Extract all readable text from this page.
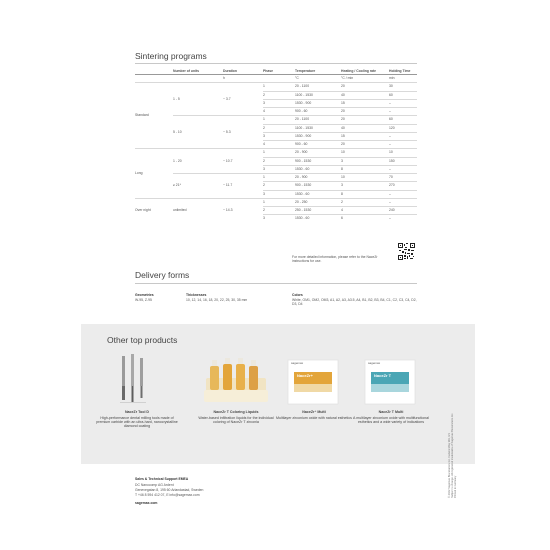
Sintering programs
	Number of units	Duration	Phase	Temperature	Heating / Cooling rate	Holding Time
		h		°C	°C / min	min
Standard	1 - 5	~ 3.7	1	20 - 1100	20	30
			2	1100 - 1530	40	60
			3	1530 - 900	15	–
			4	900 - 60	20	–
	5 - 10	~ 5.3	1	20 - 1100	20	60
			2	1100 - 1530	40	120
			3	1530 - 900	15	–
			4	900 - 60	20	–
Long	1 - 20	~ 10.7	1	20 - 900	10	10
			2	900 - 1530	3	150
			3	1530 - 60	8	–
	≥ 21*	~ 11.7	1	20 - 900	10	70
			2	900 - 1530	3	270
			3	1530 - 60	8	–
Over night	unlimited	~ 14.3	1	20 - 250	2	–
			2	250 - 1530	4	240
			3	1530 - 60	6	–
For more detailed information, please refer to the NaceZr instructions for use.
Delivery forms
Geometries
W-95, Z-95
Thicknesses
10, 12, 14, 16, 18, 20, 22, 25, 30, 35 mm
Colors
White, OM1, OM2, OM3, A1, A2, A3, A3.5, A4, B1, B2, B3, B4, C1, C2, C3, C4, D2, D3, D4
Other top products
sagemax
NaceZr+
sagemax
NaceZr T
NaceZr Tool D
High-performance dental milling tools made of premium carbide with an ultra-hard, nanocrystalline diamond coating
NaceZr T Coloring Liquids
Water-based infiltration liquids for the individual coloring of NaceZr T zirconia
NaceZr⁺ Multi
Multilayer zirconium oxide with natural esthetics
NaceZr T Multi
A multilayer zirconium oxide with multifunctional esthetics and a wide variety of indications
Sales & Technical Support EMEA
DC Nanocomp AG Ardent
Genevegatan 8, 195 60 Arlandastad, Sweden
T +46 8 594 412 07, E info@sagemax.com
sagemax.com
© 2022 Sagemax Bioceramics Inc. Federal Way WA, US Subject to change. All registered trademarks of Sagemax Bioceramics Inc. Printed in Germany
